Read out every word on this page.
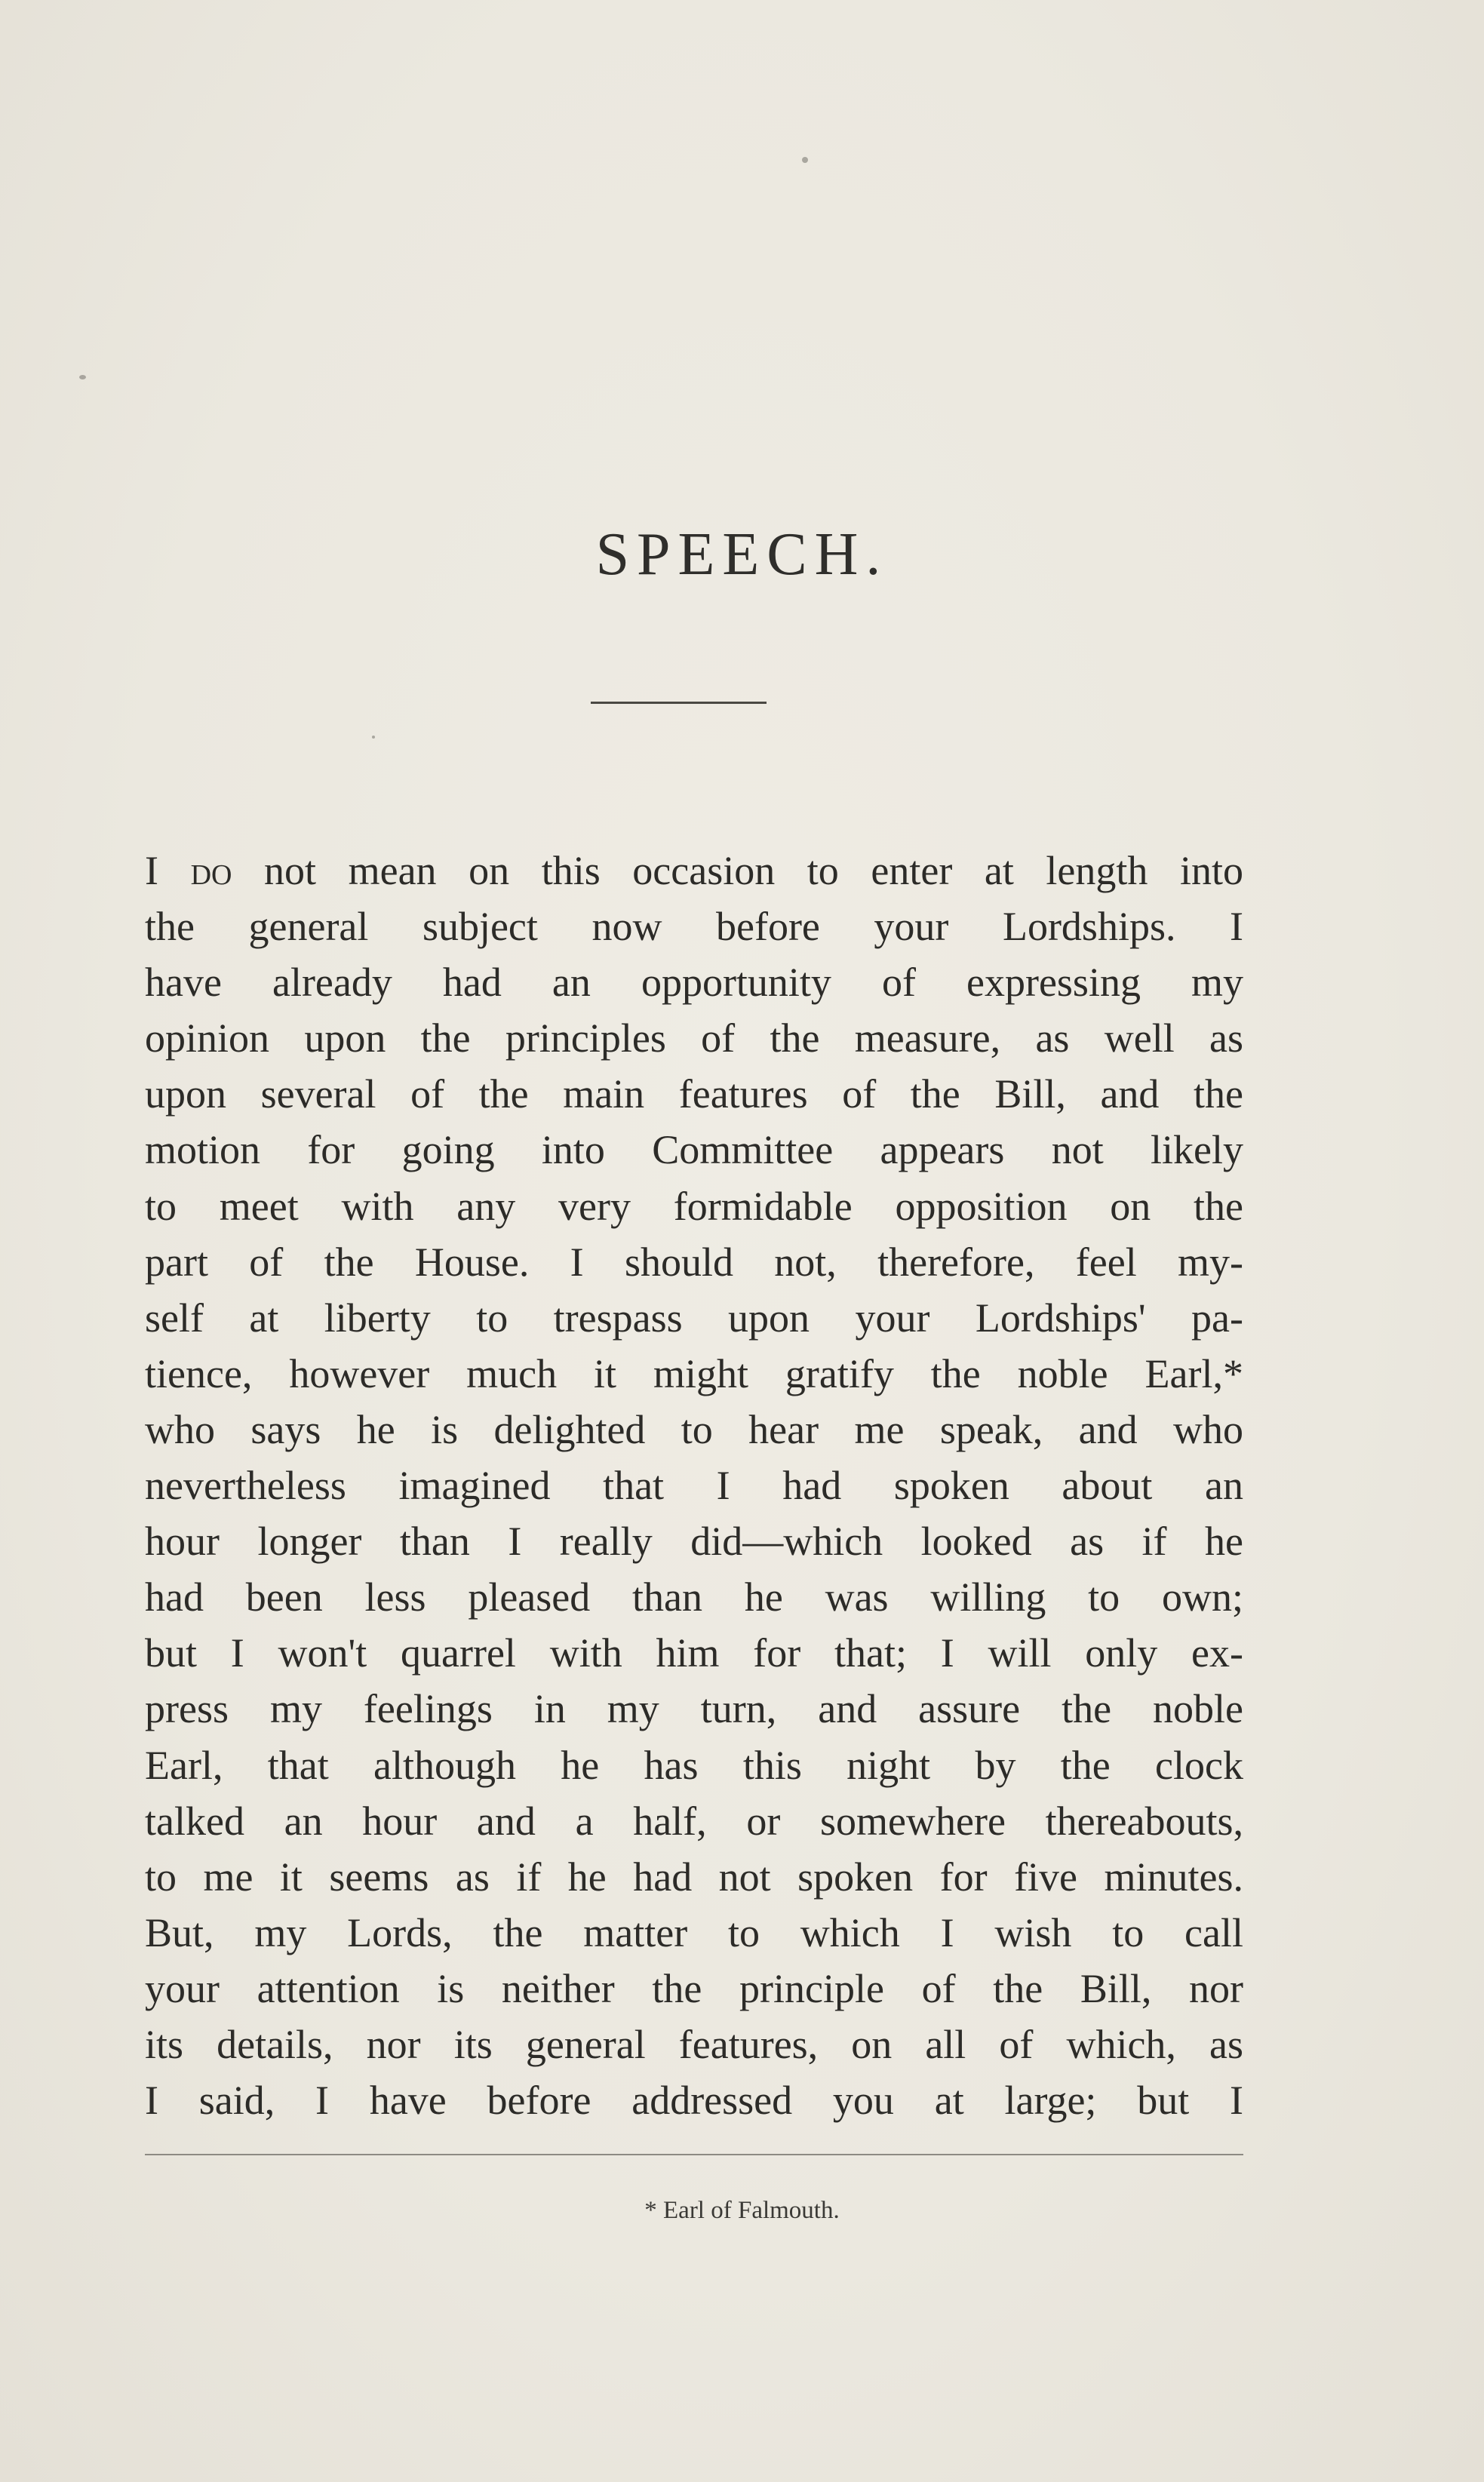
SPEECH.
I do not mean on this occasion to enter at length into
the general subject now before your Lordships. I
have already had an opportunity of expressing my
opinion upon the principles of the measure, as well as
upon several of the main features of the Bill, and the
motion for going into Committee appears not likely
to meet with any very formidable opposition on the
part of the House. I should not, therefore, feel my-
self at liberty to trespass upon your Lordships' pa-
tience, however much it might gratify the noble Earl,*
who says he is delighted to hear me speak, and who
nevertheless imagined that I had spoken about an
hour longer than I really did—which looked as if he
had been less pleased than he was willing to own;
but I won't quarrel with him for that; I will only ex-
press my feelings in my turn, and assure the noble
Earl, that although he has this night by the clock
talked an hour and a half, or somewhere thereabouts,
to me it seems as if he had not spoken for five minutes.
But, my Lords, the matter to which I wish to call
your attention is neither the principle of the Bill, nor
its details, nor its general features, on all of which, as
I said, I have before addressed you at large; but I

* Earl of Falmouth.
